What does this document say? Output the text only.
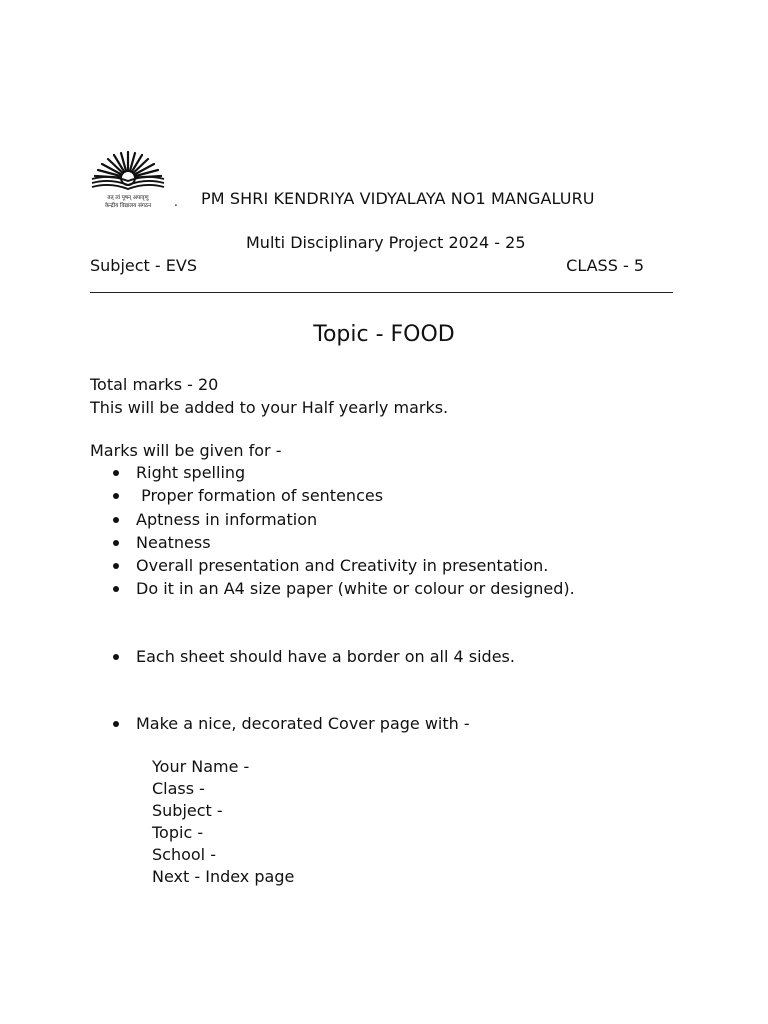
तत् त्वं पूषन् अपावृणु
केन्द्रीय विद्यालय संगठन . PM SHRI KENDRIYA VIDYALAYA NO1 MANGALURU
Multi Disciplinary Project 2024 - 25
Subject - EVS	CLASS - 5
Topic - FOOD
Total marks - 20
This will be added to your Half yearly marks.
Marks will be given for -
Right spelling
Proper formation of sentences
Aptness in information
Neatness
Overall presentation and Creativity in presentation.
Do it in an A4 size paper (white or colour or designed).
Each sheet should have a border on all 4 sides.
Make a nice, decorated Cover page with -
Your Name -
Class -
Subject -
Topic -
School -
Next - Index page
